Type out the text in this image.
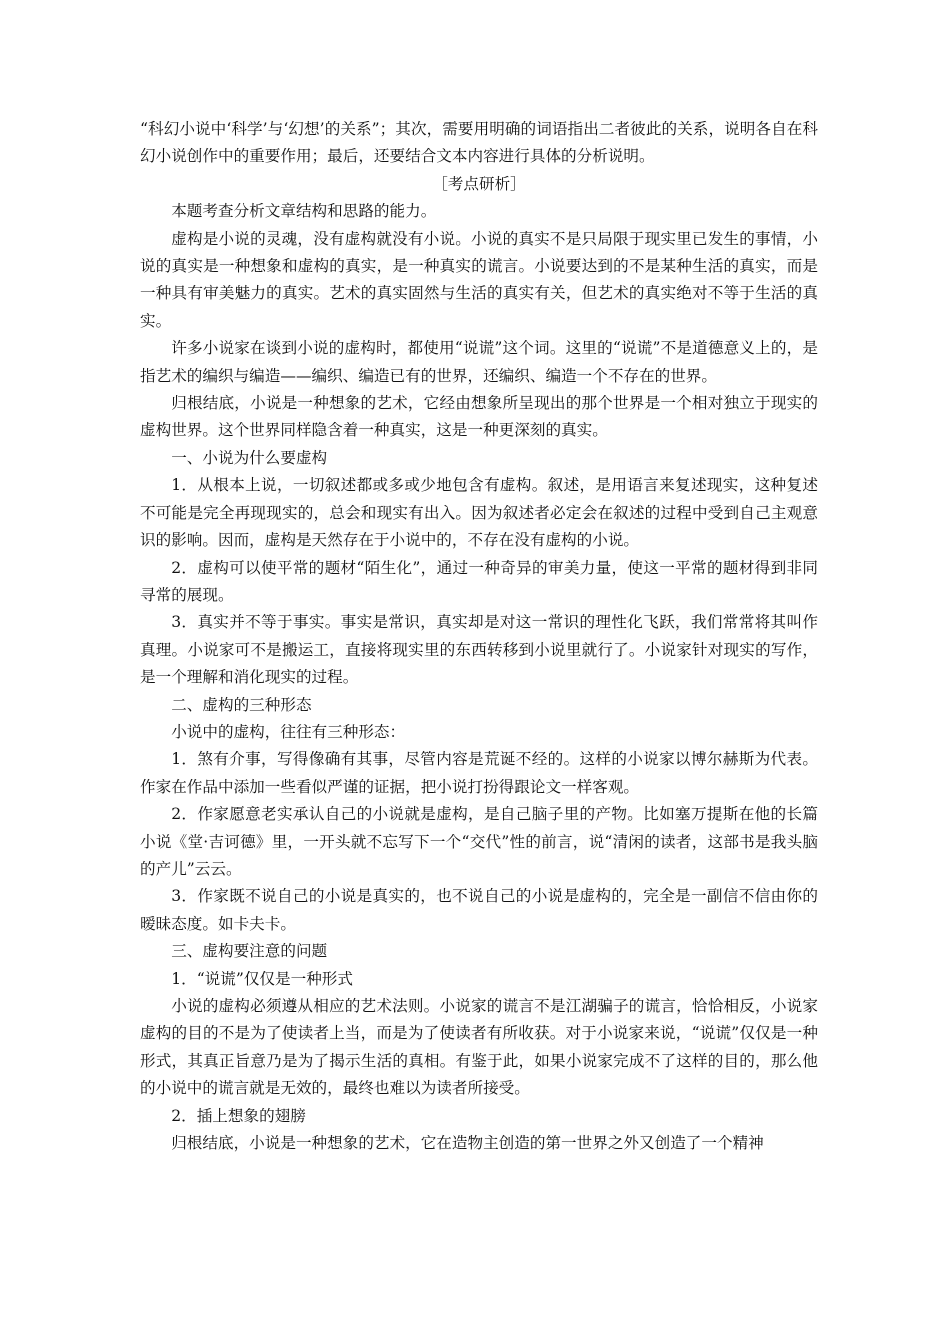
“科幻小说中‘科学’与‘幻想’的关系”；其次，需要用明确的词语指出二者彼此的关系，说明各自在科幻小说创作中的重要作用；最后，还要结合文本内容进行具体的分析说明。

［考点研析］

本题考查分析文章结构和思路的能力。

虚构是小说的灵魂，没有虚构就没有小说。小说的真实不是只局限于现实里已发生的事情，小说的真实是一种想象和虚构的真实，是一种真实的谎言。小说要达到的不是某种生活的真实，而是一种具有审美魅力的真实。艺术的真实固然与生活的真实有关，但艺术的真实绝对不等于生活的真实。

许多小说家在谈到小说的虚构时，都使用“说谎”这个词。这里的“说谎”不是道德意义上的，是指艺术的编织与编造——编织、编造已有的世界，还编织、编造一个不存在的世界。

归根结底，小说是一种想象的艺术，它经由想象所呈现出的那个世界是一个相对独立于现实的虚构世界。这个世界同样隐含着一种真实，这是一种更深刻的真实。

一、小说为什么要虚构

1．从根本上说，一切叙述都或多或少地包含有虚构。叙述，是用语言来复述现实，这种复述不可能是完全再现现实的，总会和现实有出入。因为叙述者必定会在叙述的过程中受到自己主观意识的影响。因而，虚构是天然存在于小说中的，不存在没有虚构的小说。

2．虚构可以使平常的题材“陌生化”，通过一种奇异的审美力量，使这一平常的题材得到非同寻常的展现。

3．真实并不等于事实。事实是常识，真实却是对这一常识的理性化飞跃，我们常常将其叫作真理。小说家可不是搬运工，直接将现实里的东西转移到小说里就行了。小说家针对现实的写作，是一个理解和消化现实的过程。

二、虚构的三种形态

小说中的虚构，往往有三种形态：

1．煞有介事，写得像确有其事，尽管内容是荒诞不经的。这样的小说家以博尔赫斯为代表。作家在作品中添加一些看似严谨的证据，把小说打扮得跟论文一样客观。

2．作家愿意老实承认自己的小说就是虚构，是自己脑子里的产物。比如塞万提斯在他的长篇小说《堂·吉诃德》里，一开头就不忘写下一个“交代”性的前言，说“清闲的读者，这部书是我头脑的产儿”云云。

3．作家既不说自己的小说是真实的，也不说自己的小说是虚构的，完全是一副信不信由你的暧昧态度。如卡夫卡。

三、虚构要注意的问题

1．“说谎”仅仅是一种形式

小说的虚构必须遵从相应的艺术法则。小说家的谎言不是江湖骗子的谎言，恰恰相反，小说家虚构的目的不是为了使读者上当，而是为了使读者有所收获。对于小说家来说，“说谎”仅仅是一种形式，其真正旨意乃是为了揭示生活的真相。有鉴于此，如果小说家完成不了这样的目的，那么他的小说中的谎言就是无效的，最终也难以为读者所接受。

2．插上想象的翅膀

归根结底，小说是一种想象的艺术，它在造物主创造的第一世界之外又创造了一个精神
